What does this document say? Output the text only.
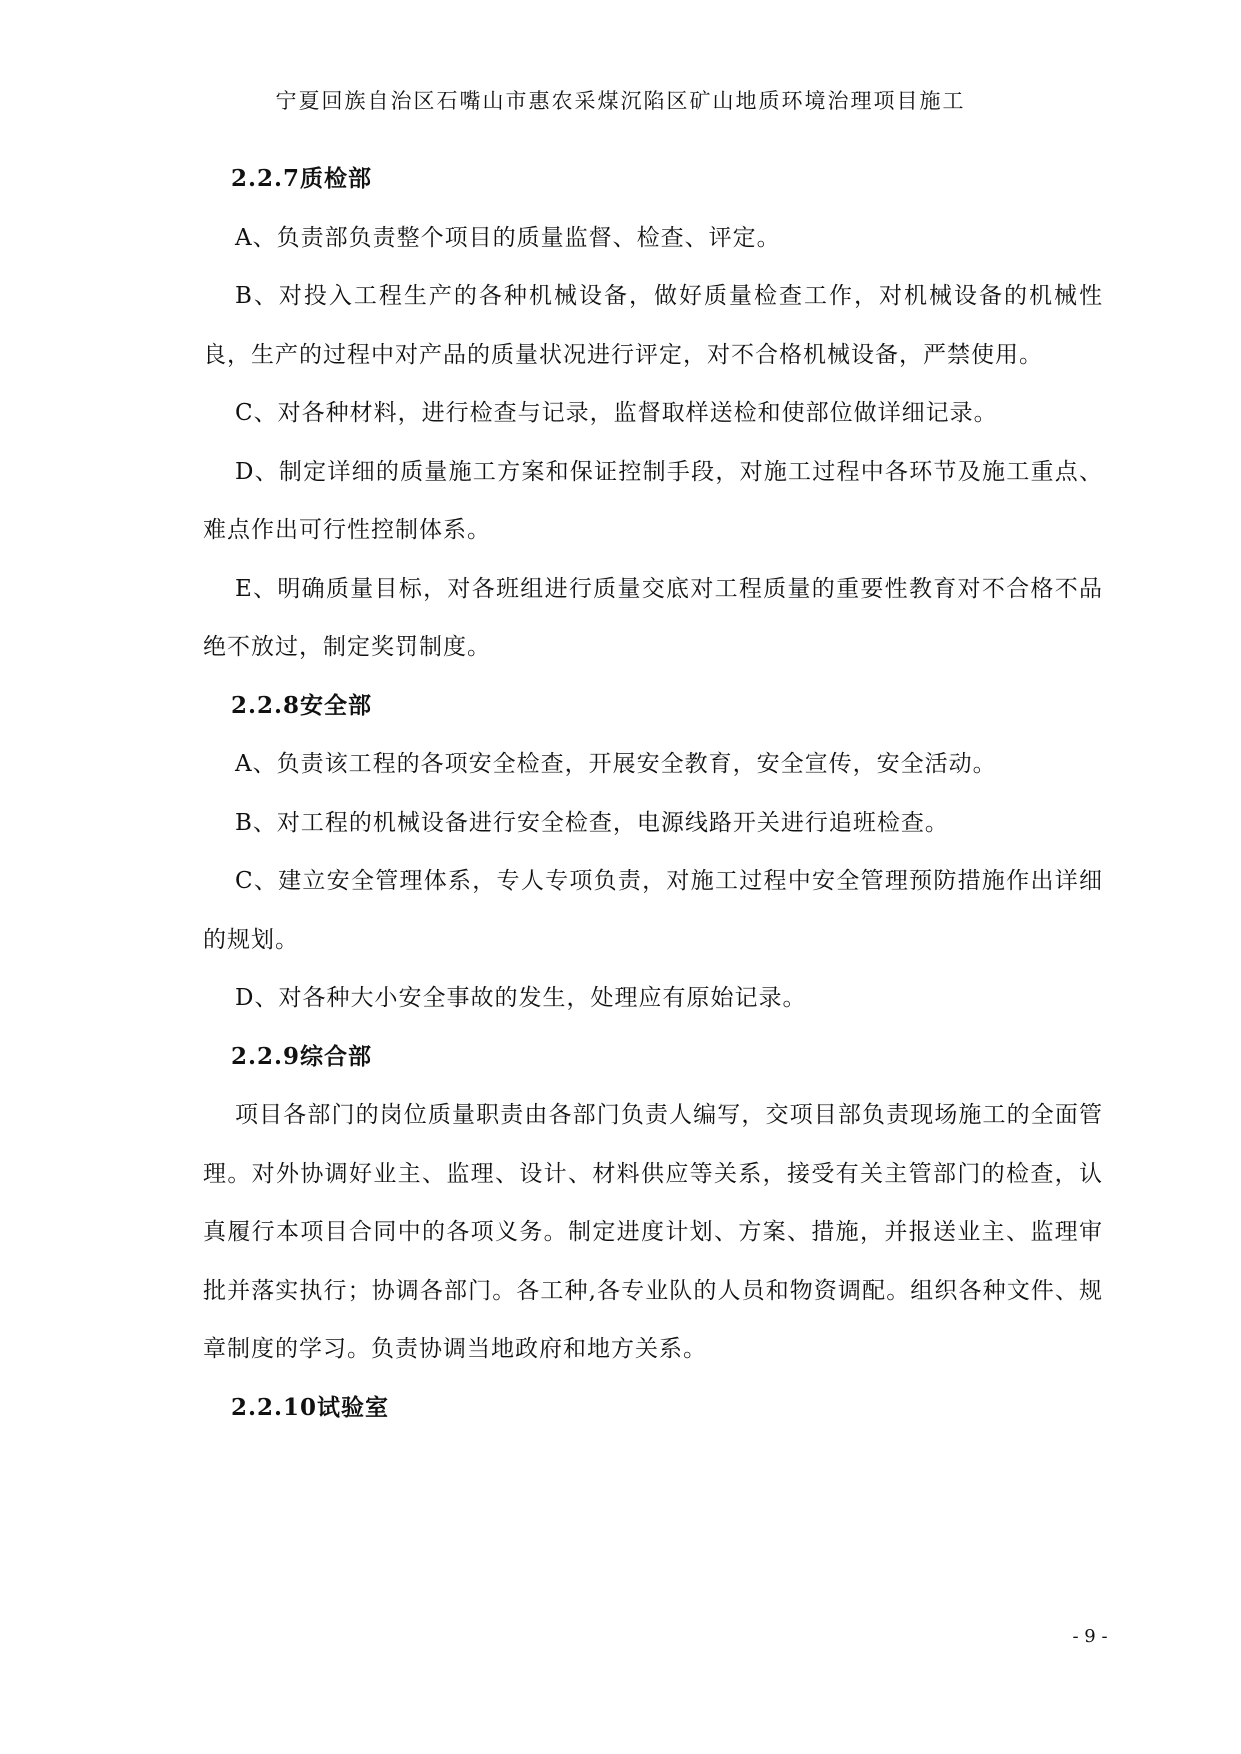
宁夏回族自治区石嘴山市惠农采煤沉陷区矿山地质环境治理项目施工
2.2.7质检部

A、负责部负责整个项目的质量监督、检查、评定。

B、对投入工程生产的各种机械设备，做好质量检查工作，对机械设备的机械性良，生产的过程中对产品的质量状况进行评定，对不合格机械设备，严禁使用。

C、对各种材料，进行检查与记录，监督取样送检和使部位做详细记录。

D、制定详细的质量施工方案和保证控制手段，对施工过程中各环节及施工重点、难点作出可行性控制体系。

E、明确质量目标，对各班组进行质量交底对工程质量的重要性教育对不合格不品绝不放过，制定奖罚制度。

2.2.8安全部

A、负责该工程的各项安全检查，开展安全教育，安全宣传，安全活动。

B、对工程的机械设备进行安全检查，电源线路开关进行追班检查。

C、建立安全管理体系，专人专项负责，对施工过程中安全管理预防措施作出详细的规划。

D、对各种大小安全事故的发生，处理应有原始记录。

2.2.9综合部

项目各部门的岗位质量职责由各部门负责人编写，交项目部负责现场施工的全面管理。对外协调好业主、监理、设计、材料供应等关系，接受有关主管部门的检查，认真履行本项目合同中的各项义务。制定进度计划、方案、措施，并报送业主、监理审批并落实执行；协调各部门。各工种,各专业队的人员和物资调配。组织各种文件、规章制度的学习。负责协调当地政府和地方关系。

2.2.10试验室
- 9 -
